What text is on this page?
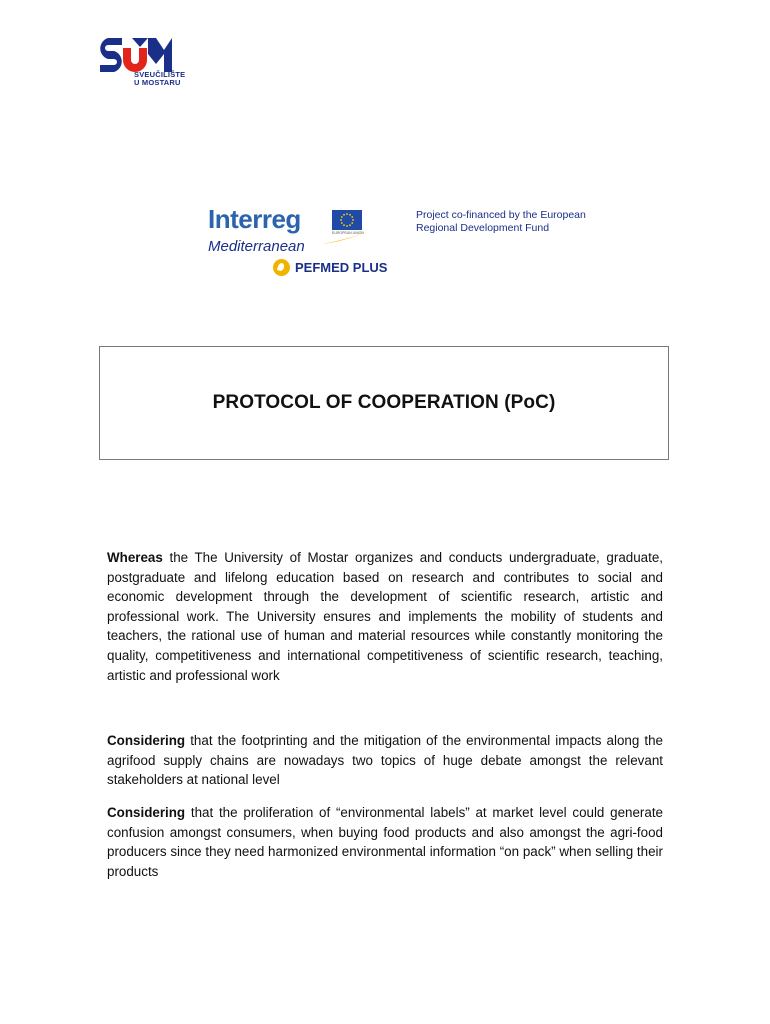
SVEUČILIŠTE
U MOSTARU
Interreg	EUROPEAN UNION
Mediterranean
PEFMED PLUS
Project co-financed by the European
Regional Development Fund
PROTOCOL OF COOPERATION (PoC)

Whereas the The University of Mostar organizes and conducts undergraduate, graduate, postgraduate and lifelong education based on research and contributes to social and economic development through the development of scientific research, artistic and professional work. The University ensures and implements the mobility of students and teachers, the rational use of human and material resources while constantly monitoring the quality, competitiveness and international competitiveness of scientific research, teaching, artistic and professional work

Considering that the footprinting and the mitigation of the environmental impacts along the agrifood supply chains are nowadays two topics of huge debate amongst the relevant stakeholders at national level

Considering that the proliferation of “environmental labels” at market level could generate confusion amongst consumers, when buying food products and also amongst the agri-food producers since they need harmonized environmental information “on pack” when selling their products
